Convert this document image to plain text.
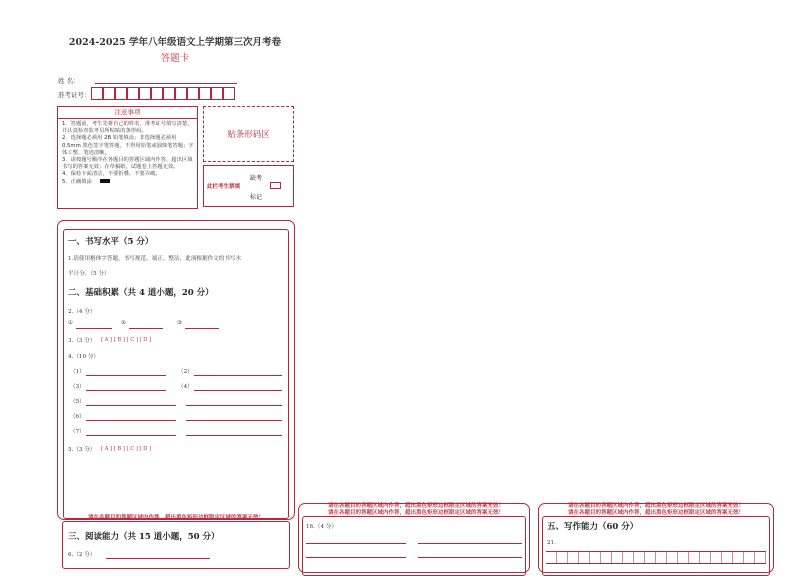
2024-2025 学年八年级语文上学期第三次月考卷
答题卡
姓 名：
准考证号：
注意事项
1．答题前，考生先将自己的姓名，准考证号填写清楚，并认真检查监考员所粘贴的条形码。
2．选择题必须用 2B 铅笔填涂；非选择题必须用 0.5mm 黑色签字笔答题，不得用铅笔或圆珠笔答题；字体工整、笔迹清晰。
3．请按题号顺序在各题目的答题区域内作答，超出区域书写的答案无效；在草稿纸、试题卷上答题无效。
4．保持卡面清洁，不要折叠、不要弄破。
5．正确填涂
贴条形码区
缺考
此栏考生禁填
标记
一、书写水平（5 分）
1.请使用楷体字答题，书写规范、端正、整洁，此项根据作文的书写水
平计分。（5 分）
二、基础积累（共 4 道小题，20 分）
2.（4 分）
①	②	③
3.（3 分） [ A ] [ B ] [ C ] [ D ]
4.（10 分）
（1）	（2）
（3）	（4）
（5）
（6）
（7）
5.（3 分） [ A ] [ B ] [ C ] [ D ]
请在各题目的答题区域内作答，超出黑色矩形边框限定区域的答案无效！
三、阅读能力（共 15 道小题，50 分）
6.（2 分）
请在各题目的答题区域内作答，超出黑色矩形边框限定区域的答案无效！
请在各题目的答题区域内作答，超出黑色矩形边框限定区域的答案无效！
16.（4 分）
请在各题目的答题区域内作答，超出黑色矩形边框限定区域的答案无效！
请在各题目的答题区域内作答，超出黑色矩形边框限定区域的答案无效！
五、写作能力（60 分）
21.
